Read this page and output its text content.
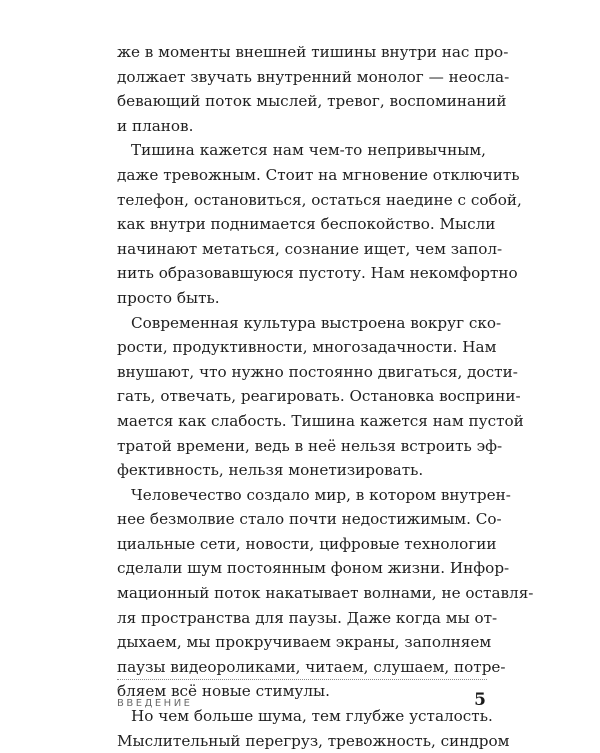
же в моменты внешней тишины внутри нас про-
должает звучать внутренний монолог — неосла-
бевающий поток мыслей, тревог, воспоминаний
и планов.
Тишина кажется нам чем-то непривычным,
даже тревожным. Стоит на мгновение отключить
телефон, остановиться, остаться наедине с собой,
как внутри поднимается беспокойство. Мысли
начинают метаться, сознание ищет, чем запол-
нить образовавшуюся пустоту. Нам некомфортно
просто быть.
Современная культура выстроена вокруг ско-
рости, продуктивности, многозадачности. Нам
внушают, что нужно постоянно двигаться, дости-
гать, отвечать, реагировать. Остановка восприни-
мается как слабость. Тишина кажется нам пустой
тратой времени, ведь в неё нельзя встроить эф-
фективность, нельзя монетизировать.
Человечество создало мир, в котором внутрен-
нее безмолвие стало почти недостижимым. Со-
циальные сети, новости, цифровые технологии
сделали шум постоянным фоном жизни. Инфор-
мационный поток накатывает волнами, не оставля-
ля пространства для паузы. Даже когда мы от-
дыхаем, мы прокручиваем экраны, заполняем
паузы видеороликами, читаем, слушаем, потре-
бляем всё новые стимулы.
Но чем больше шума, тем глубже усталость.
Мыслительный перегруз, тревожность, синдром
ВВЕДЕНИЕ	5
